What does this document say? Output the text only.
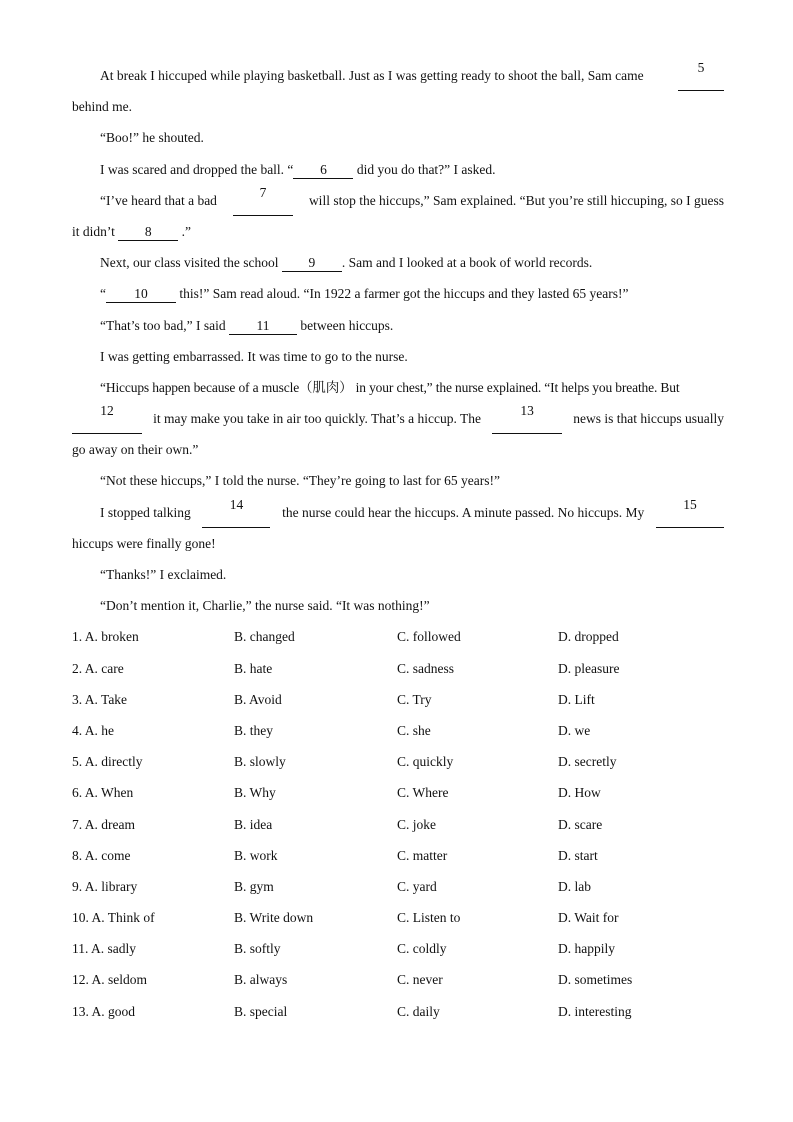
At break I hiccuped while playing basketball. Just as I was getting ready to shoot the ball, Sam came
5
behind me.
“Boo!” he shouted.
I was scared and dropped the ball. “ 6 did you do that?” I asked.
“I’ve heard that a bad
7
will stop the hiccups,” Sam explained. “But you’re still hiccuping, so I guess
it didn’t 8 .”
Next, our class visited the school 9 . Sam and I looked at a book of world records.
“ 10 this!” Sam read aloud. “In 1922 a farmer got the hiccups and they lasted 65 years!”
“That’s too bad,” I said 11 between hiccups.
I was getting embarrassed. It was time to go to the nurse.
“Hiccups happen because of a muscle（肌肉） in your chest,” the nurse explained. “It helps you breathe. But
12
it may make you take in air too quickly. That’s a hiccup. The
13
news is that hiccups usually
go away on their own.”
“Not these hiccups,” I told the nurse. “They’re going to last for 65 years!”
I stopped talking
14
the nurse could hear the hiccups. A minute passed. No hiccups. My
15
hiccups were finally gone!
“Thanks!” I exclaimed.
“Don’t mention it, Charlie,” the nurse said. “It was nothing!”
1. A. broken	B. changed	C. followed	D. dropped
2. A. care	B. hate	C. sadness	D. pleasure
3. A. Take	B. Avoid	C. Try	D. Lift
4. A. he	B. they	C. she	D. we
5. A. directly	B. slowly	C. quickly	D. secretly
6. A. When	B. Why	C. Where	D. How
7. A. dream	B. idea	C. joke	D. scare
8. A. come	B. work	C. matter	D. start
9. A. library	B. gym	C. yard	D. lab
10. A. Think of	B. Write down	C. Listen to	D. Wait for
11. A. sadly	B. softly	C. coldly	D. happily
12. A. seldom	B. always	C. never	D. sometimes
13. A. good	B. special	C. daily	D. interesting
